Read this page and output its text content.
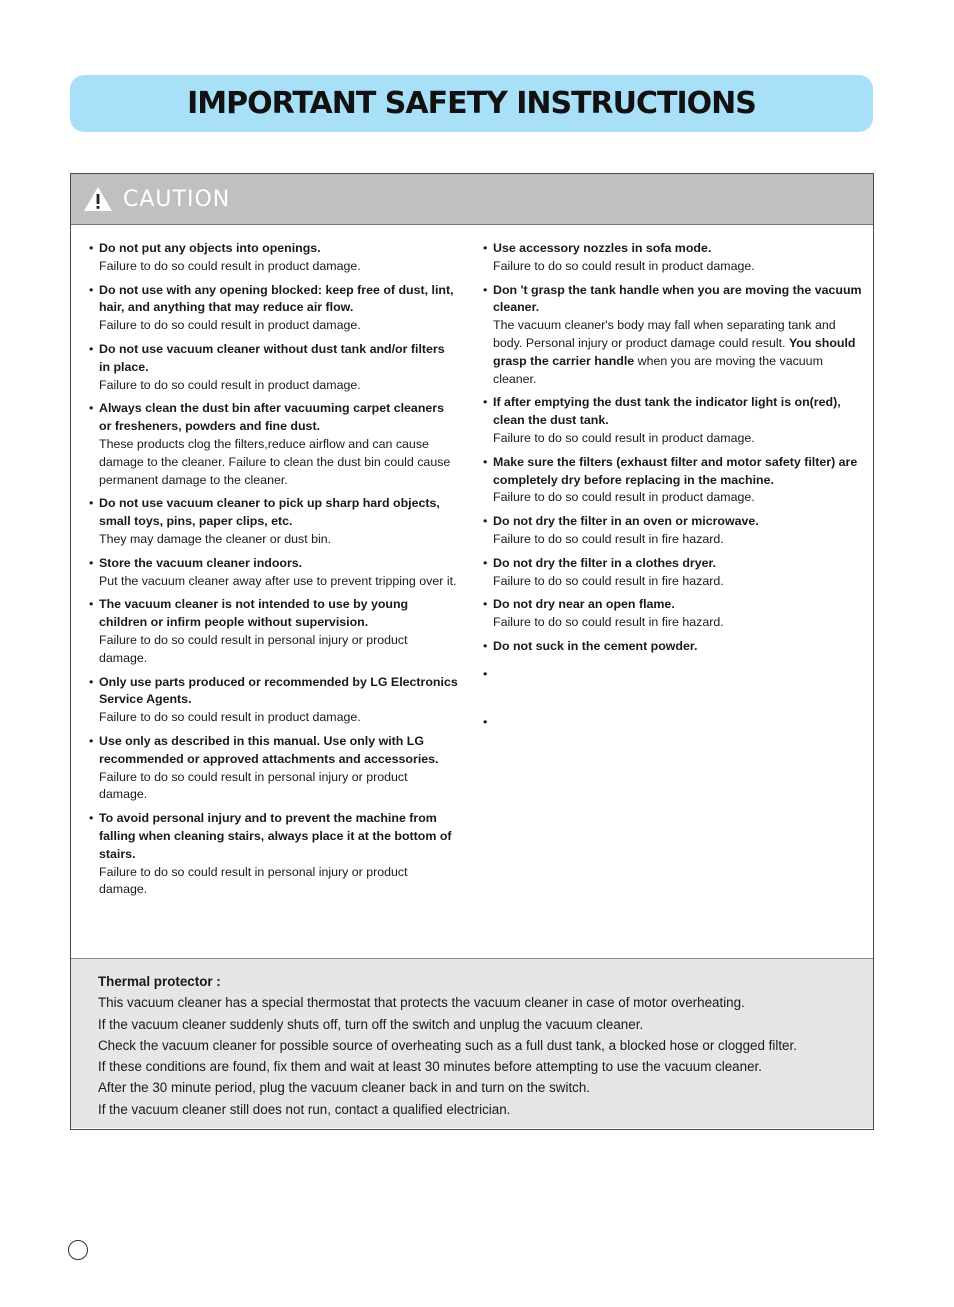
IMPORTANT SAFETY INSTRUCTIONS
CAUTION
• Do not put any objects into openings.
Failure to do so could result in product damage.
• Do not use with any opening blocked: keep free of dust, lint, hair, and anything that may reduce air flow.
Failure to do so could result in product damage.
• Do not use vacuum cleaner without dust tank and/or filters in place.
Failure to do so could result in product damage.
• Always clean the dust bin after vacuuming carpet cleaners or fresheners, powders and fine dust.
These products clog the filters,reduce airflow and can cause damage to the cleaner. Failure to clean the dust bin could cause permanent damage to the cleaner.
• Do not use vacuum cleaner to pick up sharp hard objects, small toys, pins, paper clips, etc.
They may damage the cleaner or dust bin.
• Store the vacuum cleaner indoors.
Put the vacuum cleaner away after use to prevent tripping over it.
• The vacuum cleaner is not intended to use by young children or infirm people without supervision.
Failure to do so could result in personal injury or product damage.
• Only use parts produced or recommended by LG Electronics Service Agents.
Failure to do so could result in product damage.
• Use only as described in this manual. Use only with LG recommended or approved attachments and accessories.
Failure to do so could result in personal injury or product damage.
• To avoid personal injury and to prevent the machine from falling when cleaning stairs, always place it at the bottom of stairs.
Failure to do so could result in personal injury or product damage.
• Use accessory nozzles in sofa mode.
Failure to do so could result in product damage.
• Don 't grasp the tank handle when you are moving the vacuum cleaner.
The vacuum cleaner's body may fall when separating tank and body. Personal injury or product damage could result. You should grasp the carrier handle when you are moving the vacuum cleaner.
• If after emptying the dust tank the indicator light is on(red), clean the dust tank.
Failure to do so could result in product damage.
• Make sure the filters (exhaust filter and motor safety filter) are completely dry before replacing in the machine.
Failure to do so could result in product damage.
• Do not dry the filter in an oven or microwave.
Failure to do so could result in fire hazard.
• Do not dry the filter in a clothes dryer.
Failure to do so could result in fire hazard.
• Do not dry near an open flame.
Failure to do so could result in fire hazard.
• Do not suck in the cement powder.
•
•
Thermal protector :

This vacuum cleaner has a special thermostat that protects the vacuum cleaner in case of motor overheating.

If the vacuum cleaner suddenly shuts off, turn off the switch and unplug the vacuum cleaner.

Check the vacuum cleaner for possible source of overheating such as a full dust tank, a blocked hose or clogged filter.

If these conditions are found, fix them and wait at least 30 minutes before attempting to use the vacuum cleaner.

After the 30 minute period, plug the vacuum cleaner back in and turn on the switch.

If the vacuum cleaner still does not run, contact a qualified electrician.
